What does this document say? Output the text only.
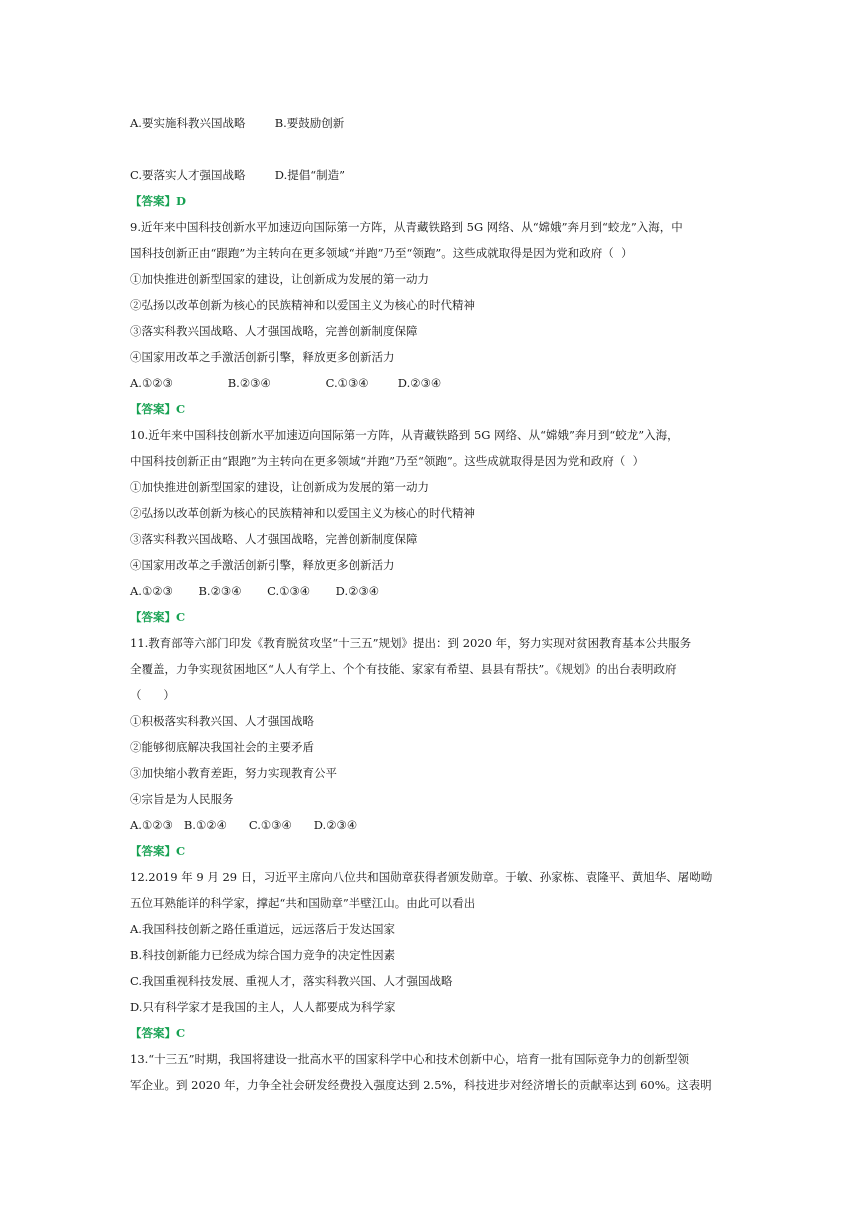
A.要实施科教兴国战略        B.要鼓励创新
C.要落实人才强国战略        D.提倡“制造”
【答案】D
9.近年来中国科技创新水平加速迈向国际第一方阵，从青藏铁路到 5G 网络、从“嫦娥”奔月到“蛟龙”入海，中
国科技创新正由“跟跑”为主转向在更多领域“并跑”乃至“领跑”。这些成就取得是因为党和政府（  ）
①加快推进创新型国家的建设，让创新成为发展的第一动力
②弘扬以改革创新为核心的民族精神和以爱国主义为核心的时代精神
③落实科教兴国战略、人才强国战略，完善创新制度保障
④国家用改革之手激活创新引擎，释放更多创新活力
A.①②③               B.②③④               C.①③④        D.②③④
【答案】C
10.近年来中国科技创新水平加速迈向国际第一方阵，从青藏铁路到 5G 网络、从“嫦娥”奔月到“蛟龙”入海，
中国科技创新正由“跟跑”为主转向在更多领域“并跑”乃至“领跑”。这些成就取得是因为党和政府（  ）
①加快推进创新型国家的建设，让创新成为发展的第一动力
②弘扬以改革创新为核心的民族精神和以爱国主义为核心的时代精神
③落实科教兴国战略、人才强国战略，完善创新制度保障
④国家用改革之手激活创新引擎，释放更多创新活力
A.①②③       B.②③④       C.①③④       D.②③④
【答案】C
11.教育部等六部门印发《教育脱贫攻坚“十三五”规划》提出：到 2020 年，努力实现对贫困教育基本公共服务
全覆盖，力争实现贫困地区“人人有学上、个个有技能、家家有希望、县县有帮扶”。《规划》的出台表明政府
（      ）
①积极落实科教兴国、人才强国战略
②能够彻底解决我国社会的主要矛盾
③加快缩小教育差距，努力实现教育公平
④宗旨是为人民服务
A.①②③   B.①②④      C.①③④      D.②③④
【答案】C
12.2019 年 9 月 29 日，习近平主席向八位共和国勋章获得者颁发勋章。于敏、孙家栋、袁隆平、黄旭华、屠呦呦
五位耳熟能详的科学家，撑起“共和国勋章”半壁江山。由此可以看出
A.我国科技创新之路任重道远，远远落后于发达国家
B.科技创新能力已经成为综合国力竞争的决定性因素
C.我国重视科技发展、重视人才，落实科教兴国、人才强国战略
D.只有科学家才是我国的主人，人人都要成为科学家
【答案】C
13.“十三五”时期，我国将建设一批高水平的国家科学中心和技术创新中心，培育一批有国际竞争力的创新型领
军企业。到 2020 年，力争全社会研发经费投入强度达到 2.5%，科技进步对经济增长的贡献率达到 60%。这表明
